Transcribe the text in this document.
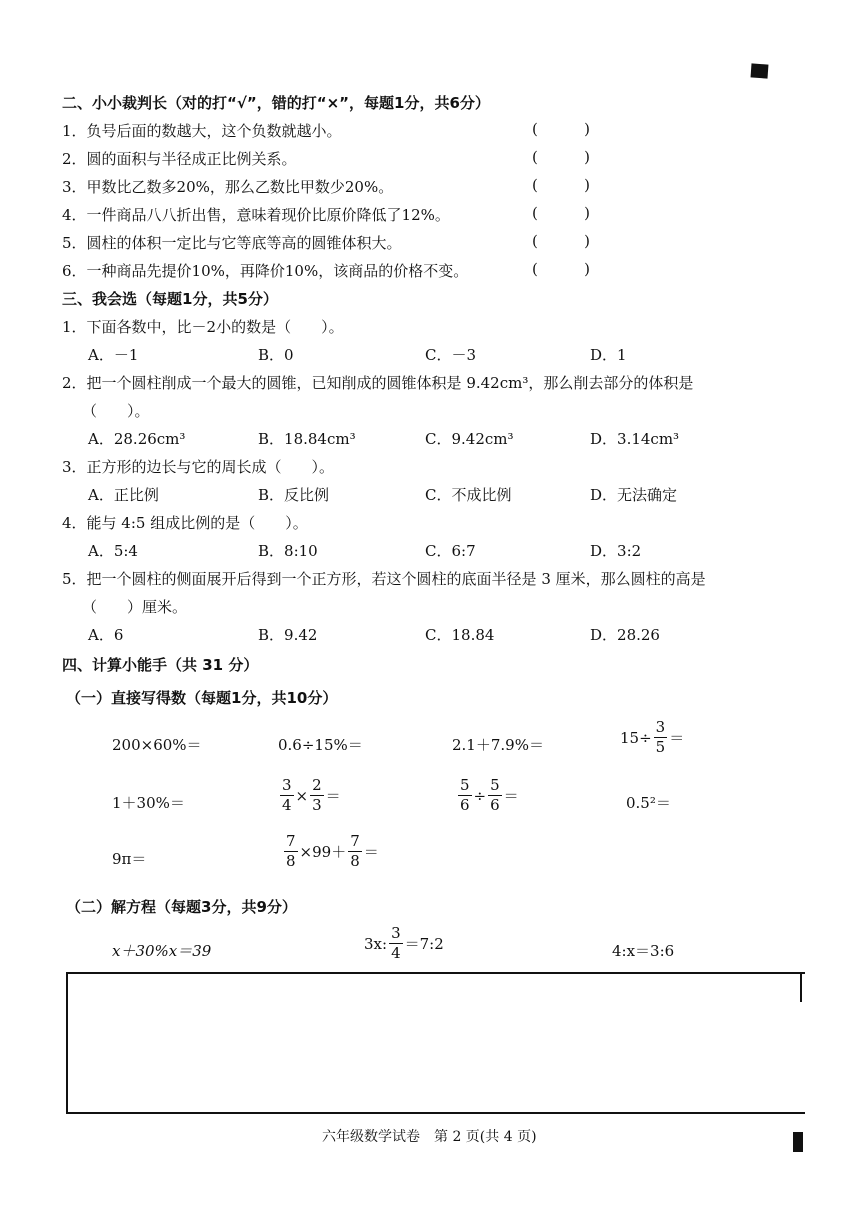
二、小小裁判长（对的打“√”，错的打“×”，每题1分，共6分）
1．负号后面的数越大，这个负数就越小。	(	)
2．圆的面积与半径成正比例关系。	(	)
3．甲数比乙数多20%，那么乙数比甲数少20%。	(	)
4．一件商品八八折出售，意味着现价比原价降低了12%。	(	)
5．圆柱的体积一定比与它等底等高的圆锥体积大。	(	)
6．一种商品先提价10%，再降价10%，该商品的价格不变。	(	)
三、我会选（每题1分，共5分）
1．下面各数中，比－2小的数是（　　）。
A．－1	B．0	C．－3	D．1
2．把一个圆柱削成一个最大的圆锥，已知削成的圆锥体积是 9.42cm³，那么削去部分的体积是
（　　）。
A．28.26cm³	B．18.84cm³	C．9.42cm³	D．3.14cm³
3．正方形的边长与它的周长成（　　）。
A．正比例	B．反比例	C．不成比例	D．无法确定
4．能与 4:5 组成比例的是（　　）。
A．5:4	B．8:10	C．6:7	D．3:2
5．把一个圆柱的侧面展开后得到一个正方形，若这个圆柱的底面半径是 3 厘米，那么圆柱的高是
（　　）厘米。
A．6	B．9.42	C．18.84	D．28.26
四、计算小能手（共 31 分）
（一）直接写得数（每题1分，共10分）
200×60%＝	0.6÷15%＝	2.1＋7.9%＝	$15\div \frac{3}{5}$ ＝
1＋30%＝	$\frac{3}{4} \times \frac{2}{3}$ ＝	$\frac{5}{6} \div \frac{5}{6}$ ＝	0.5²＝
9π＝	$\frac{7}{8} \times 99+ \frac{7}{8}$ ＝
（二）解方程（每题3分，共9分）
x＋30%x＝39	3x: $\frac{3}{4}$ ＝7:2	4:x＝3:6
六年级数学试卷　第 2 页(共 4 页)
